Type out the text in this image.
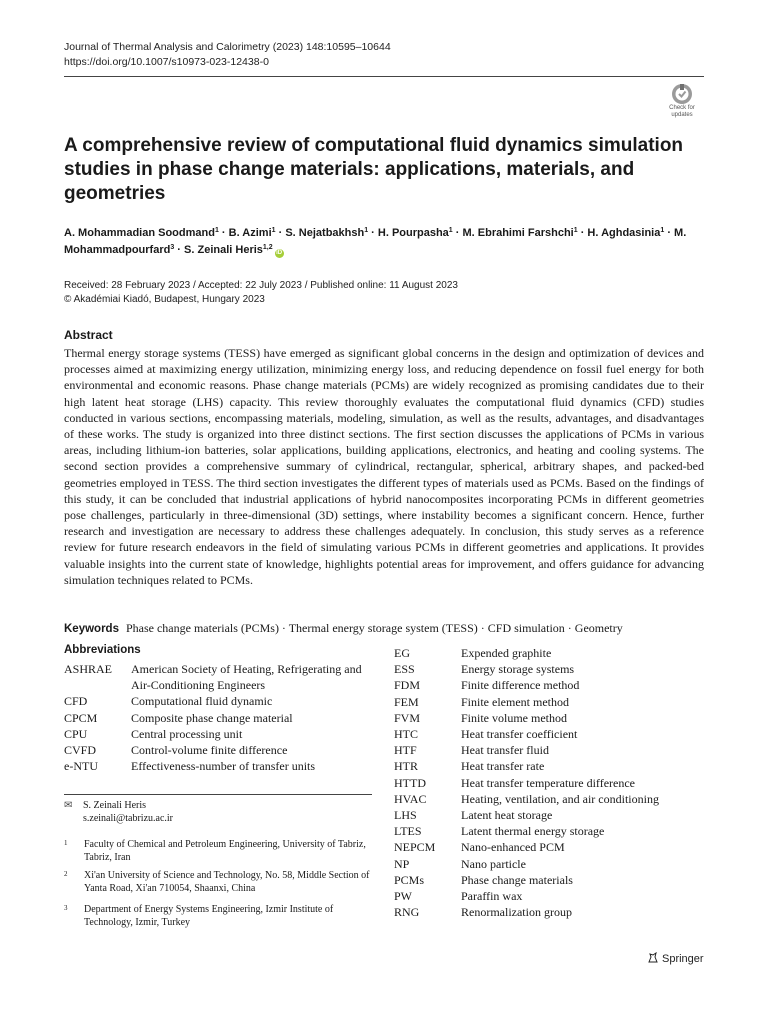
Journal of Thermal Analysis and Calorimetry (2023) 148:10595–10644
https://doi.org/10.1007/s10973-023-12438-0
Check for
updates
A comprehensive review of computational fluid dynamics simulation studies in phase change materials: applications, materials, and geometries
A. Mohammadian Soodmand$^1$ · B. Azimi$^1$ · S. Nejatbakhsh$^1$ · H. Pourpasha$^1$ · M. Ebrahimi Farshchi$^1$ · H. Aghdasinia$^1$ · M. Mohammadpourfard$^3$ · S. Zeinali Heris$^{1,2}$iD
Received: 28 February 2023 / Accepted: 22 July 2023 / Published online: 11 August 2023
© Akadémiai Kiadó, Budapest, Hungary 2023
Abstract
Thermal energy storage systems (TESS) have emerged as significant global concerns in the design and optimization of devices and processes aimed at maximizing energy utilization, minimizing energy loss, and reducing dependence on fossil fuel energy for both environmental and economic reasons. Phase change materials (PCMs) are widely recognized as promising candidates due to their high latent heat storage (LHS) capacity. This review thoroughly evaluates the computational fluid dynamics (CFD) studies conducted in various sections, encompassing materials, modeling, simulation, as well as the results, advantages, and disadvantages of these works. The study is organized into three distinct sections. The first section discusses the applications of PCMs in various areas, including lithium-ion batteries, solar applications, building applications, electronics, and heating and cooling systems. The second section provides a comprehensive summary of cylindrical, rectangular, spherical, arbitrary shapes, and packed-bed geometries employed in TESS. The third section investigates the different types of materials used as PCMs. Based on the findings of this study, it can be concluded that industrial applications of hybrid nanocomposites incorporating PCMs in different geometries pose challenges, particularly in three-dimensional (3D) settings, where instability becomes a significant concern. Hence, further research and investigation are necessary to address these challenges adequately. In conclusion, this study serves as a reference review for future research endeavors in the field of simulating various PCMs in different geometries and applications. It provides valuable insights into the current state of knowledge, highlights potential areas for improvement, and offers guidance for advancing simulation techniques related to PCMs.
Keywords Phase change materials (PCMs) · Thermal energy storage system (TESS) · CFD simulation · Geometry
Abbreviations
ASHRAE	American Society of Heating, Refrigerating and Air-Conditioning Engineers
CFD	Computational fluid dynamic
CPCM	Composite phase change material
CPU	Central processing unit
CVFD	Control-volume finite difference
e-NTU	Effectiveness-number of transfer units
EG	Expended graphite
ESS	Energy storage systems
FDM	Finite difference method
FEM	Finite element method
FVM	Finite volume method
HTC	Heat transfer coefficient
HTF	Heat transfer fluid
HTR	Heat transfer rate
HTTD	Heat transfer temperature difference
HVAC	Heating, ventilation, and air conditioning
LHS	Latent heat storage
LTES	Latent thermal energy storage
NEPCM	Nano-enhanced PCM
NP	Nano particle
PCMs	Phase change materials
PW	Paraffin wax
RNG	Renormalization group
✉ S. Zeinali Heris
s.zeinali@tabrizu.ac.ir
1	Faculty of Chemical and Petroleum Engineering, University of Tabriz, Tabriz, Iran
2	Xi'an University of Science and Technology, No. 58, Middle Section of Yanta Road, Xi'an 710054, Shaanxi, China
3	Department of Energy Systems Engineering, Izmir Institute of Technology, Izmir, Turkey
Springer
